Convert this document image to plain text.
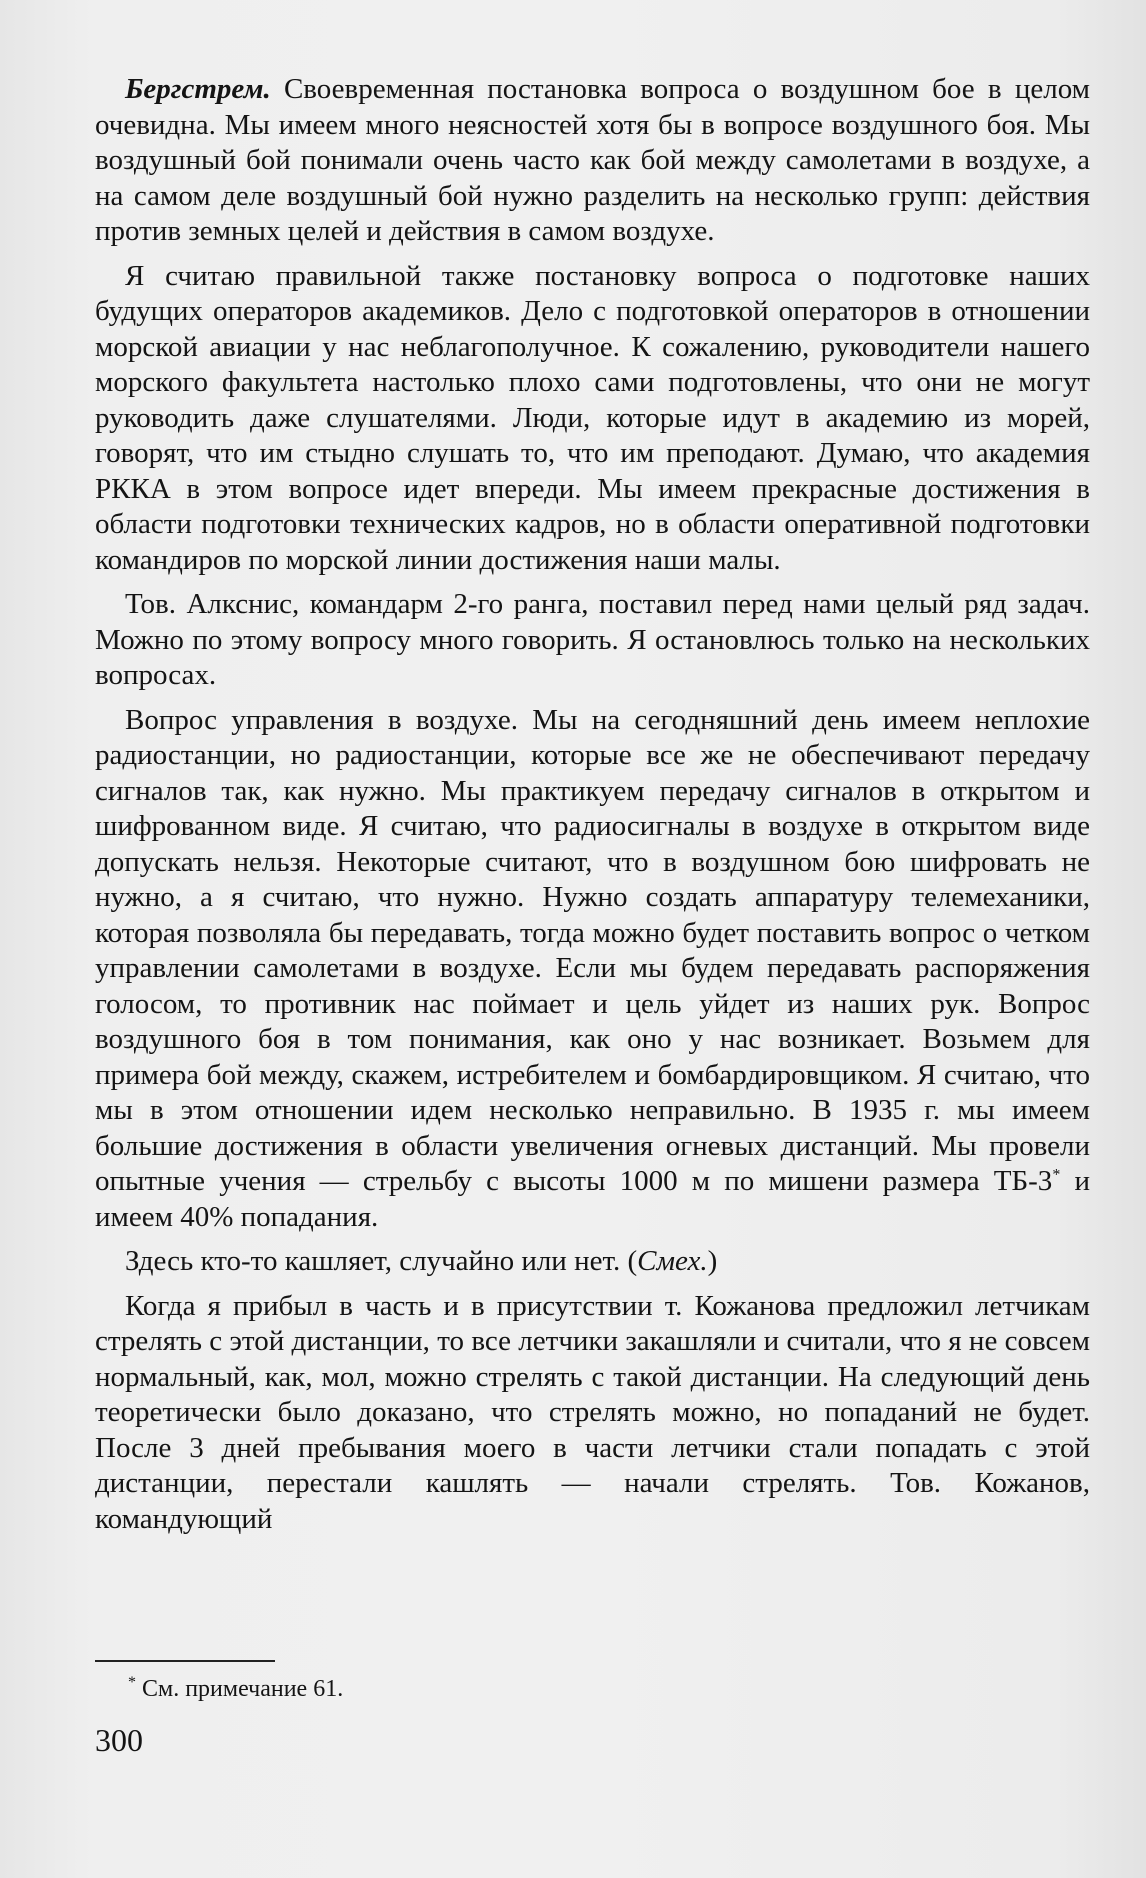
Бергстрем. Своевременная постановка вопроса о воздушном бое в целом очевидна. Мы имеем много неясностей хотя бы в вопросе воздушного боя. Мы воздушный бой понимали очень часто как бой между самолетами в воздухе, а на самом деле воздушный бой нужно разделить на несколько групп: действия против земных целей и действия в самом воздухе.

Я считаю правильной также постановку вопроса о подготовке наших будущих операторов академиков. Дело с подготовкой операторов в отношении морской авиации у нас неблагополучное. К сожалению, руководители нашего морского факультета настолько плохо сами подготовлены, что они не могут руководить даже слушателями. Люди, которые идут в академию из морей, говорят, что им стыдно слушать то, что им преподают. Думаю, что академия РККА в этом вопросе идет впереди. Мы имеем прекрасные достижения в области подготовки технических кадров, но в области оперативной подготовки командиров по морской линии достижения наши малы.

Тов. Алкснис, командарм 2-го ранга, поставил перед нами целый ряд задач. Можно по этому вопросу много говорить. Я остановлюсь только на нескольких вопросах.

Вопрос управления в воздухе. Мы на сегодняшний день имеем неплохие радиостанции, но радиостанции, которые все же не обеспечивают передачу сигналов так, как нужно. Мы практикуем передачу сигналов в открытом и шифрованном виде. Я считаю, что радиосигналы в воздухе в открытом виде допускать нельзя. Некоторые считают, что в воздушном бою шифровать не нужно, а я считаю, что нужно. Нужно создать аппаратуру телемеханики, которая позволяла бы передавать, тогда можно будет поставить вопрос о четком управлении самолетами в воздухе. Если мы будем передавать распоряжения голосом, то противник нас поймает и цель уйдет из наших рук. Вопрос воздушного боя в том понимания, как оно у нас возникает. Возьмем для примера бой между, скажем, истребителем и бомбардировщиком. Я считаю, что мы в этом отношении идем несколько неправильно. В 1935 г. мы имеем большие достижения в области увеличения огневых дистанций. Мы провели опытные учения — стрельбу с высоты 1000 м по мишени размера ТБ-3* и имеем 40% попадания.

Здесь кто-то кашляет, случайно или нет. (Смех.)

Когда я прибыл в часть и в присутствии т. Кожанова предложил летчикам стрелять с этой дистанции, то все летчики закашляли и считали, что я не совсем нормальный, как, мол, можно стрелять с такой дистанции. На следующий день теоретически было доказано, что стрелять можно, но попаданий не будет. После 3 дней пребывания моего в части летчики стали попадать с этой дистанции, перестали кашлять — начали стрелять. Тов. Кожанов, командующий

* См. примечание 61.
300
